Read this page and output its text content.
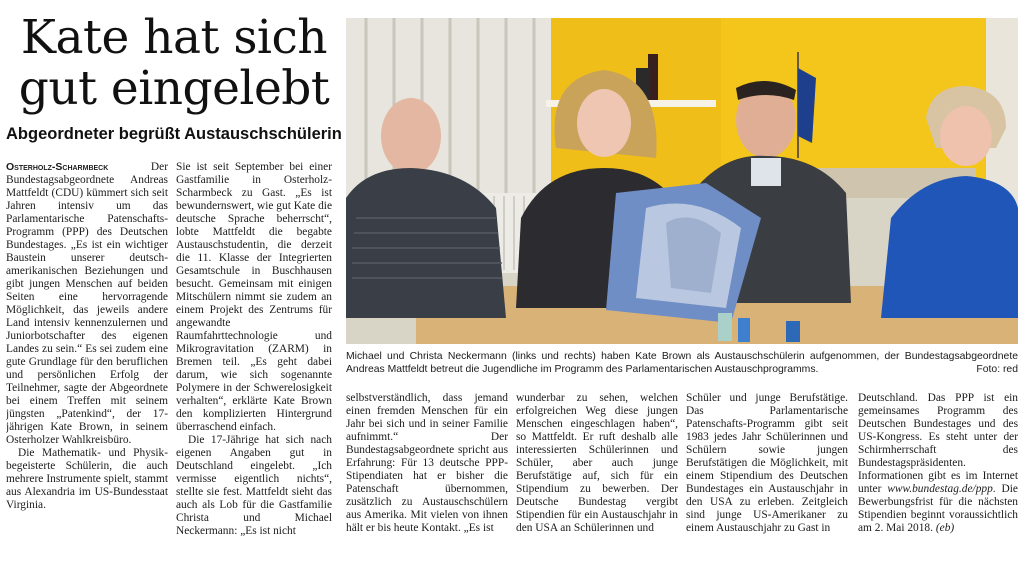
Kate hat sich
gut eingelebt
Abgeordneter begrüßt Austauschschülerin

Osterholz-Scharmbeck	Der Bundestagsabgeordnete Andreas Mattfeldt (CDU) kümmert sich seit Jahren intensiv um das Parlamentarische Patenschafts-Programm (PPP) des Deutschen Bundestages. „Es ist ein wichtiger Baustein unserer deutsch-amerikanischen Beziehungen und gibt jungen Menschen auf beiden Seiten eine hervorragende Möglichkeit, das jeweils andere Land intensiv kennenzulernen und Juniorbotschafter des eigenen Landes zu sein.“ Es sei zudem eine gute Grundlage für den beruflichen und persönlichen Erfolg der Teilnehmer, sagte der Abgeordnete bei einem Treffen mit seinem jüngsten „Patenkind“, der 17-jährigen Kate Brown, in seinem Osterholzer Wahlkreisbüro.

Die Mathematik- und Physik-begeisterte Schülerin, die auch mehrere Instrumente spielt, stammt aus Alexandria im US-Bundesstaat Virginia.

Sie ist seit September bei einer Gastfamilie in Osterholz-Scharmbeck zu Gast. „Es ist bewundernswert, wie gut Kate die deutsche Sprache beherrscht“, lobte Mattfeldt die begabte Austauschstudentin, die derzeit die 11. Klasse der Integrierten Gesamtschule in Buschhausen besucht. Gemeinsam mit einigen Mitschülern nimmt sie zudem an einem Projekt des Zentrums für angewandte Raumfahrttechnologie und Mikrogravitation (ZARM) in Bremen teil. „Es geht dabei darum, wie sich sogenannte Polymere in der Schwerelosigkeit verhalten“, erklärte Kate Brown den komplizierten Hintergrund überraschend einfach.

Die 17-Jährige hat sich nach eigenen Angaben gut in Deutschland eingelebt. „Ich vermisse eigentlich nichts“, stellte sie fest. Mattfeldt sieht das auch als Lob für die Gastfamilie Christa und Michael Neckermann: „Es ist nicht

Michael und Christa Neckermann (links und rechts) haben Kate Brown als Austauschschülerin aufgenommen, der Bundestagsabgeordnete Andreas Mattfeldt betreut die Jugendliche im Programm des Parlamentarischen Austauschprogramms.	Foto: red

selbstverständlich, dass jemand einen fremden Menschen für ein Jahr bei sich und in seiner Familie aufnimmt.“ Der Bundestagsabgeordnete spricht aus Erfahrung: Für 13 deutsche PPP-Stipendiaten hat er bisher die Patenschaft übernommen, zusätzlich zu Austauschschülern aus Amerika. Mit vielen von ihnen hält er bis heute Kontakt. „Es ist

wunderbar zu sehen, welchen erfolgreichen Weg diese jungen Menschen eingeschlagen haben“, so Mattfeldt. Er ruft deshalb alle interessierten Schülerinnen und Schüler, aber auch junge Berufstätige auf, sich für ein Stipendium zu bewerben. Der Deutsche Bundestag vergibt Stipendien für ein Austauschjahr in den USA an Schülerinnen und

Schüler und junge Berufstätige. Das Parlamentarische Patenschafts-Programm gibt seit 1983 jedes Jahr Schülerinnen und Schülern sowie jungen Berufstätigen die Möglichkeit, mit einem Stipendium des Deutschen Bundestages ein Austauschjahr in den USA zu erleben. Zeitgleich sind junge US-Amerikaner zu einem Austauschjahr zu Gast in

Deutschland. Das PPP ist ein gemeinsames Programm des Deutschen Bundestages und des US-Kongress. Es steht unter der Schirmherrschaft des Bundestagspräsidenten. Informationen gibt es im Internet unter www.bundestag.de/ppp. Die Bewerbungsfrist für die nächsten Stipendien beginnt voraussichtlich am 2. Mai 2018. (eb)
